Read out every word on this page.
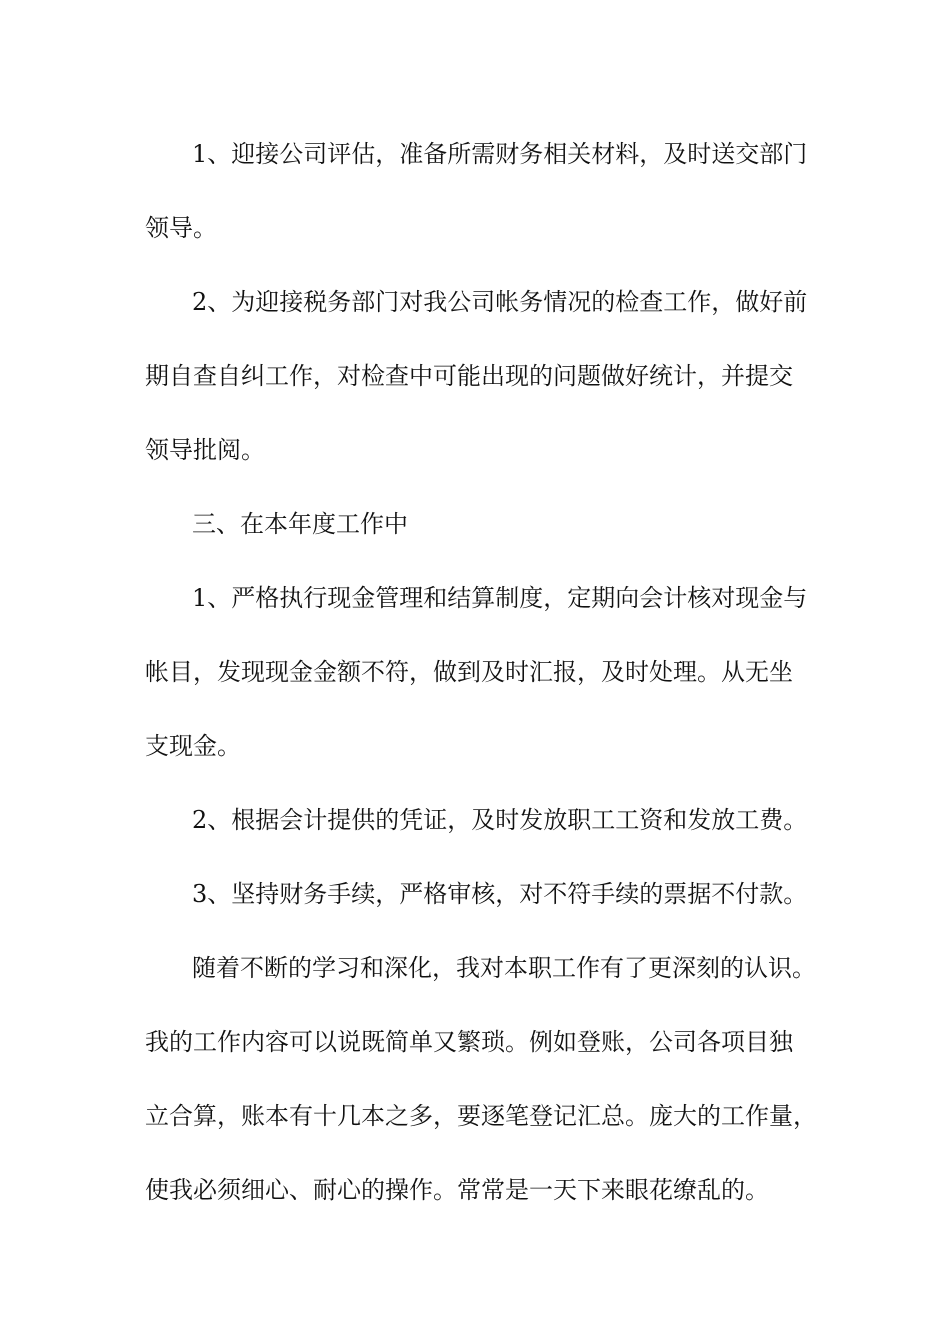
1、迎接公司评估，准备所需财务相关材料，及时送交部门

领导。

2、为迎接税务部门对我公司帐务情况的检查工作，做好前

期自查自纠工作，对检查中可能出现的问题做好统计，并提交

领导批阅。

三、在本年度工作中

1、严格执行现金管理和结算制度，定期向会计核对现金与

帐目，发现现金金额不符，做到及时汇报，及时处理。从无坐

支现金。

2、根据会计提供的凭证，及时发放职工工资和发放工费。

3、坚持财务手续，严格审核，对不符手续的票据不付款。

随着不断的学习和深化，我对本职工作有了更深刻的认识。

我的工作内容可以说既简单又繁琐。例如登账，公司各项目独

立合算，账本有十几本之多，要逐笔登记汇总。庞大的工作量，

使我必须细心、耐心的操作。常常是一天下来眼花缭乱的。
